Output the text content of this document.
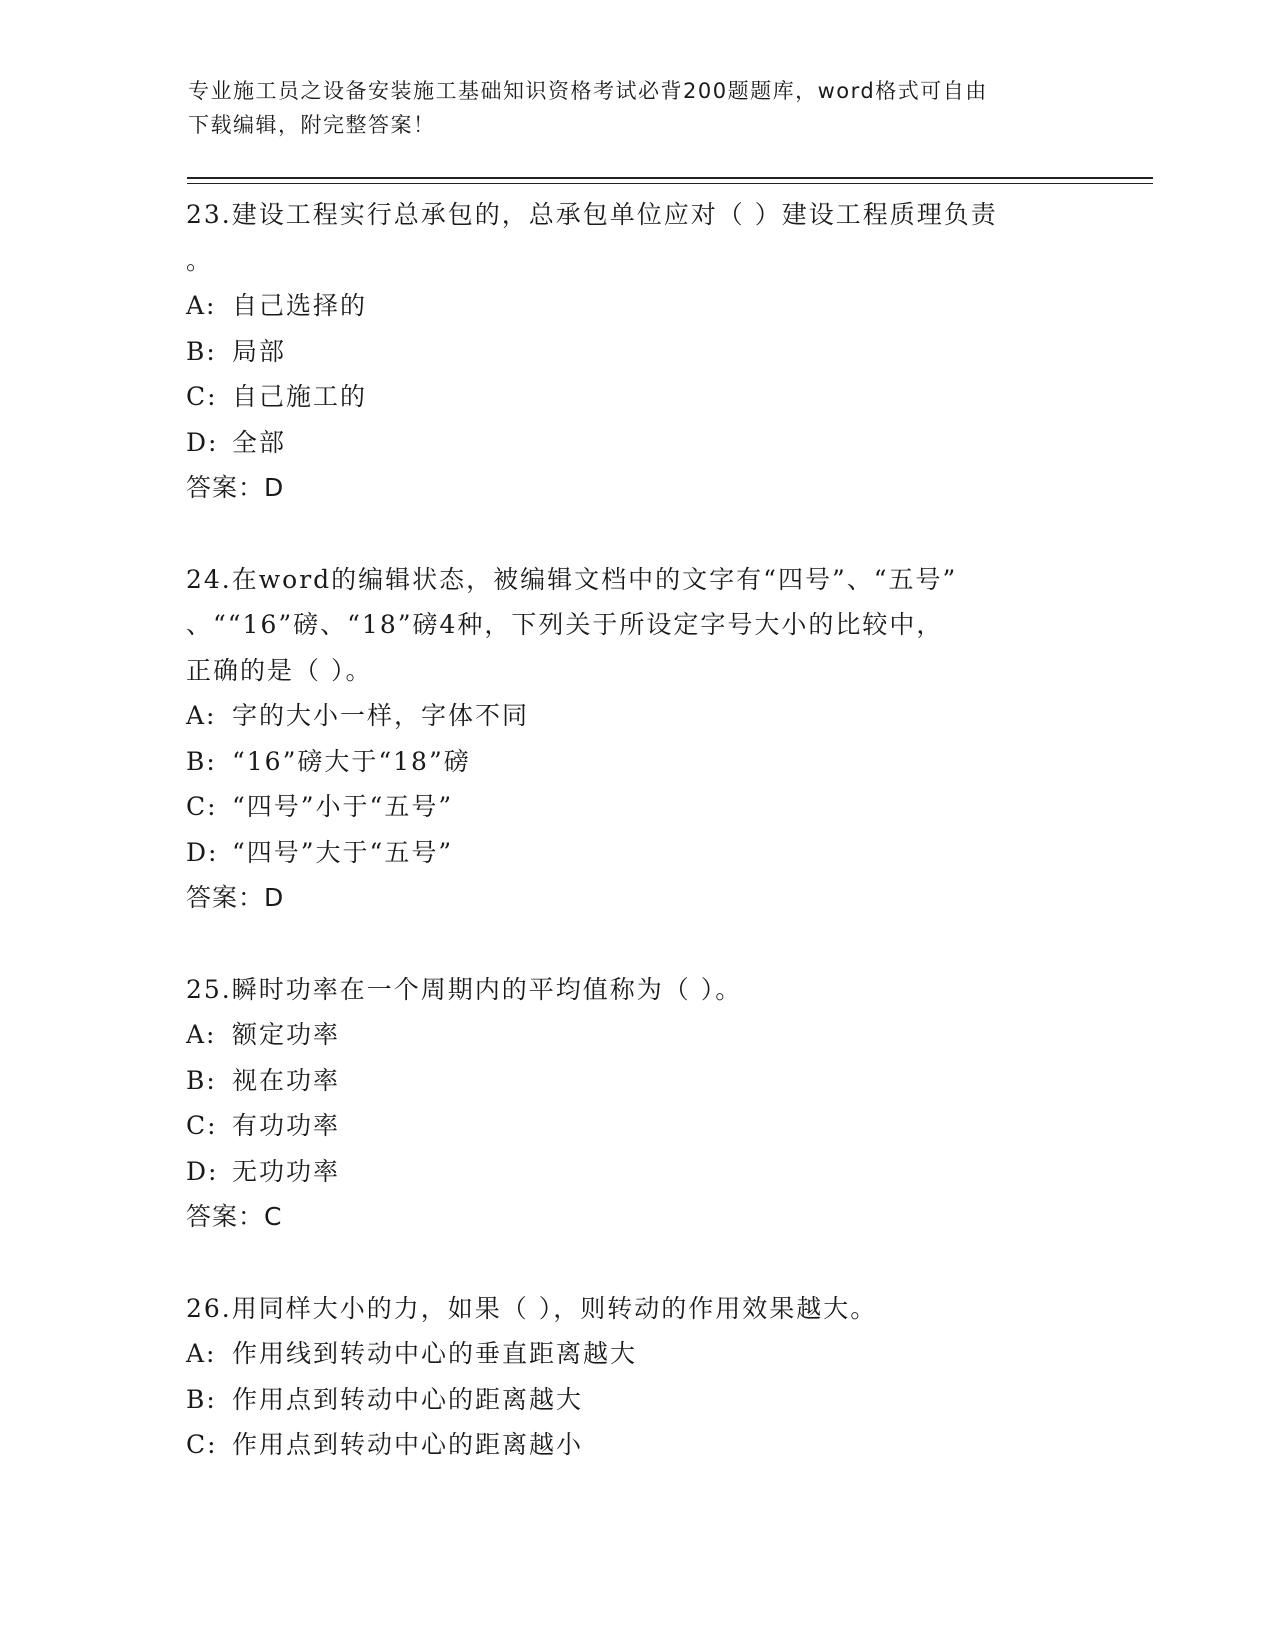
专业施工员之设备安装施工基础知识资格考试必背200题题库，word格式可自由
下载编辑，附完整答案！

23.建设工程实行总承包的，总承包单位应对（ ）建设工程质理负责

。

A: 自己选择的

B: 局部

C: 自己施工的

D: 全部

答案：D

24.在word的编辑状态，被编辑文档中的文字有“四号”、“五号”

、““16”磅、“18”磅4种，下列关于所设定字号大小的比较中，

正确的是（ ）。

A: 字的大小一样，字体不同

B: “16”磅大于“18”磅

C: “四号”小于“五号”

D: “四号”大于“五号”

答案：D

25.瞬时功率在一个周期内的平均值称为（ ）。

A: 额定功率

B: 视在功率

C: 有功功率

D: 无功功率

答案：C

26.用同样大小的力，如果（ ），则转动的作用效果越大。

A: 作用线到转动中心的垂直距离越大

B: 作用点到转动中心的距离越大

C: 作用点到转动中心的距离越小
